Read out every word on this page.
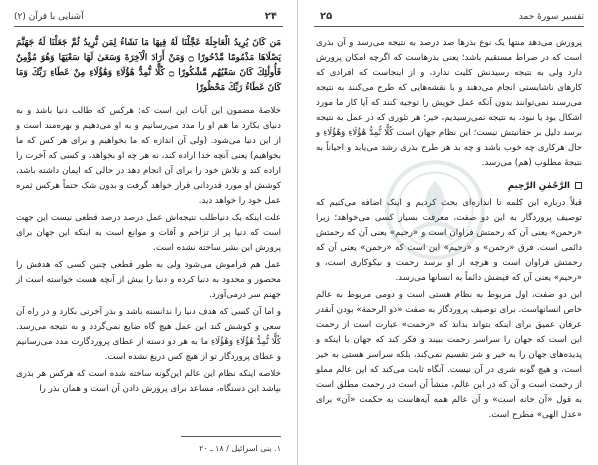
۲۴
آشنایی با قرآن (۲)

مَن كَانَ يُرِيدُ الْعَاجِلَةَ عَجَّلْنَا لَهُ فِيهَا مَا نَشَاءُ لِمَن نُّرِيدُ ثُمَّ جَعَلْنَا لَهُ جَهَنَّمَ يَصْلَاهَا مَذْمُومًا مَّدْحُورًا ۝ وَمَنْ أَرَادَ الْآخِرَةَ وَسَعَىٰ لَهَا سَعْيَهَا وَهُوَ مُؤْمِنٌ فَأُولَٰئِكَ كَانَ سَعْيُهُم مَّشْكُورًا ۝ كُلًّا نُّمِدُّ هَٰؤُلَاءِ وَهَٰؤُلَاءِ مِنْ عَطَاءِ رَبِّكَ وَمَا كَانَ عَطَاءُ رَبِّكَ مَحْظُورًا

خلاصهٔ مضمون این آیات این است که: هرکس که طالب دنیا باشد و به دنیای بکارد ما هم او را مدد می‌رسانیم و به او می‌دهیم و بهره‌مند است و از این دنیا می‌شود. (ولی آن اندازه که ما بخواهیم و برای هر کس که ما بخواهیم) یعنی آنچه خدا اراده کند، نه هر چه او بخواهد، و کسی که آخرت را اراده کند و تلاش خود را برای آن انجام دهد در حالی که ایمان داشته باشد، کوشش او مورد قدردانی قرار خواهد گرفت و بدون شک حتماً هرکس ثمره عمل خود را خواهد دید.

علت اینکه یک دنیاطلب نتیجه‌اش عمل درصد درصد قطعی نیست این جهت است که دنیا پر از تزاحم و آفات و موانع است به اینکه این جهان برای پرورش این بشر ساخته نشده است.

عمل هم فراموش می‌شود ولی به طور قطعی چنین کسی که هدفش را محصور و محدود به دنیا کرده و دنیا را بیش از آنچه هست خواسته است از جهنم سر درمی‌آورد.

و اما آن کسی که هدف دنیا را ندانسته باشد و بذر آخرتی بکارد و در راه آن سعی و کوشش کند این عمل هیچ گاه ضایع نمی‌گردد و به نتیجه می‌رسد. كُلًّا نُّمِدُّ هَٰؤُلَاءِ وَهَٰؤُلَاءِ ما به هر دو دسته از عطای پروردگارت مدد می‌رسانیم و عطای پروردگار تو از هیچ کس دریغ نشده است.

خلاصه اینکه نظام این عالم این‌گونه ساخته شده است که هرکس هر بذری بپاشد این دستگاه، مساعد برای پرورش دادن آن است و همان بذر را

۱. بنی اسرائیل / ۱۸ ـ ۲۰
۲۵	تفسیر سورهٔ حمد

پرورش می‌دهد منتها یک نوع بذرها صد درصد به نتیجه می‌رسد و آن بذری است که در صراط مستقیم باشد؛ یعنی بذرهاست که اگرچه امکان پرورش دارد ولی به نتیجه رسیدنش کلیت ندارد، و از اینجاست که افرادی که کارهای ناشایستی انجام می‌دهند و با نقشه‌هایی که طرح می‌کنند به نتیجه می‌رسند نمی‌توانند بدون آنکه عمل خویش را توجیه کنند که آیا کار ما مورد اشکال بود یا نبود، به نتیجه نمی‌رسیدیم، خیر؛ هر تئوری که در عمل به نتیجه برسد دلیل بر حقانیتش نیست؛ این نظام جهان است كُلًّا نُّمِدُّ هَٰؤُلَاءِ وَهَٰؤُلَاءِ و حال هرکاری چه خوب باشد و چه بد هر طرح بذری رشد می‌یابد و احیاناً به نتیجهٔ مطلوب (هم) می‌رسد.

الرَّحْمٰنِ الرَّحِيمِ

قبلاً درباره این کلمه تا اندازه‌ای بحث کردیم و اینک اضافه می‌کنیم که توصیف پروردگار به این دو صفت، معرفت بسیار کسی می‌خواهد؛ زیرا «رحمن» یعنی آن که رحمتش فراوان است و «رحیم» یعنی آن که رحمتش دائمی است. فرق «رحمن» و «رحیم» این است که «رحمن» یعنی آن که رحمتش فراوان است و هرچه از او برسد رحمت و نیکوکاری است، و «رحیم» یعنی آن که فیضش دائماً به انسانها می‌رسد.

این دو صفت، اول مربوط به نظام هستی است و دومی مربوط به عالم خاص انسانهاست. برای توصیف پروردگار به صفت «ذو الرحمة» بودن آنقدر عرفان عمیق برای اینکه بتواند بداند که «رحمت» عبارت است از رحمت این است که جهان را سراسر رحمت ببیند و فکر کند که جهان با اینکه و پدیده‌های جهان را به خیر و شر تقسیم نمی‌کند، بلکه سراسر هستی به خیر است، و هیچ گونه شری در آن نیست. آنگاه ثابت می‌کند که این عالم مملو از رحمت است و آن که در این عالم، منشأ آن است در رحمت مطلق است به قول «آن خانه است» و آن عالم همه آیه‌هاست به حکمت «آن» برای «عدل الهی» مطرح است.
